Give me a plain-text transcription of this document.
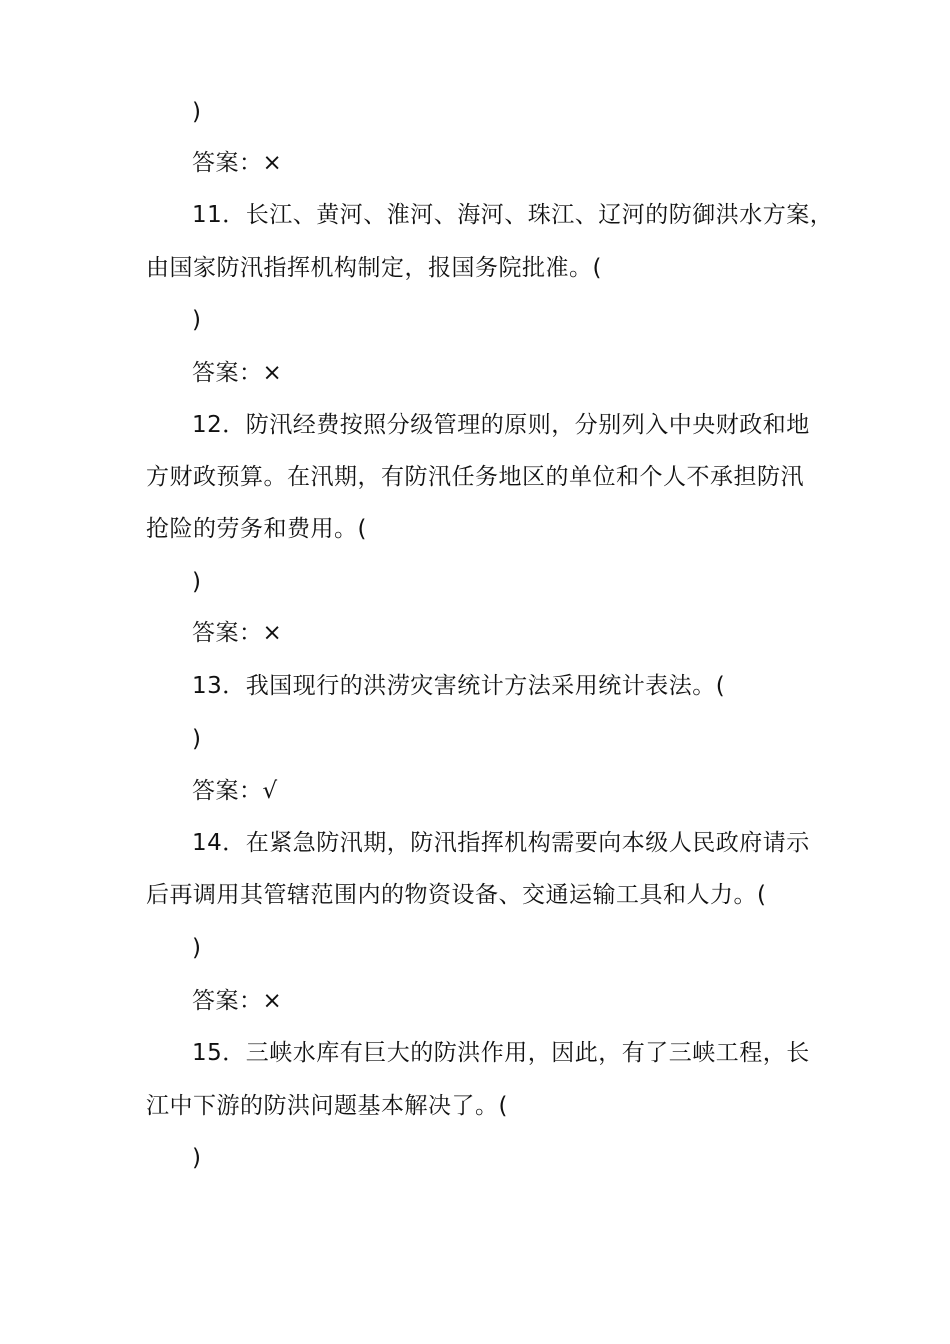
)
答案：×
11．长江、黄河、淮河、海河、珠江、辽河的防御洪水方案，
由国家防汛指挥机构制定，报国务院批准。(
)
答案：×
12．防汛经费按照分级管理的原则，分别列入中央财政和地
方财政预算。在汛期，有防汛任务地区的单位和个人不承担防汛
抢险的劳务和费用。(
)
答案：×
13．我国现行的洪涝灾害统计方法采用统计表法。(
)
答案：√
14．在紧急防汛期，防汛指挥机构需要向本级人民政府请示
后再调用其管辖范围内的物资设备、交通运输工具和人力。(
)
答案：×
15．三峡水库有巨大的防洪作用，因此，有了三峡工程，长
江中下游的防洪问题基本解决了。(
)
